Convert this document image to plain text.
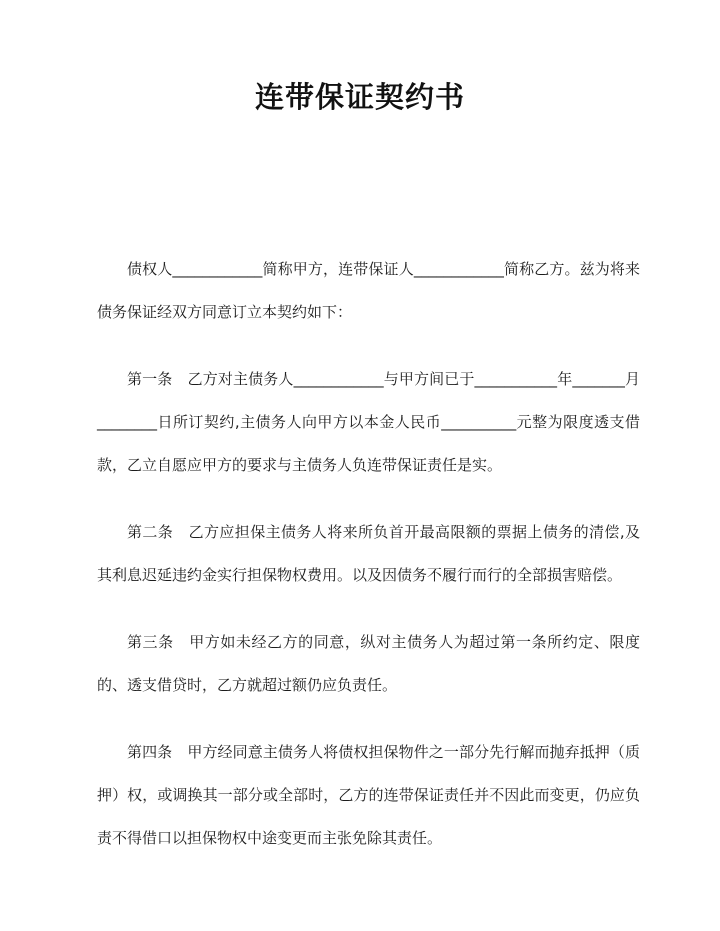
连带保证契约书

债权人____________简称甲方，连带保证人____________简称乙方。兹为将来债务保证经双方同意订立本契约如下：

第一条　乙方对主债务人____________与甲方间已于___________年_______月________日所订契约,主债务人向甲方以本金人民币__________元整为限度透支借款，乙立自愿应甲方的要求与主债务人负连带保证责任是实。

第二条　乙方应担保主债务人将来所负首开最高限额的票据上债务的清偿,及其利息迟延违约金实行担保物权费用。以及因债务不履行而行的全部损害赔偿。

第三条　甲方如未经乙方的同意，纵对主债务人为超过第一条所约定、限度的、透支借贷时，乙方就超过额仍应负责任。

第四条　甲方经同意主债务人将债权担保物件之一部分先行解而抛弃抵押（质押）权，或调换其一部分或全部时，乙方的连带保证责任并不因此而变更，仍应负责不得借口以担保物权中途变更而主张免除其责任。
